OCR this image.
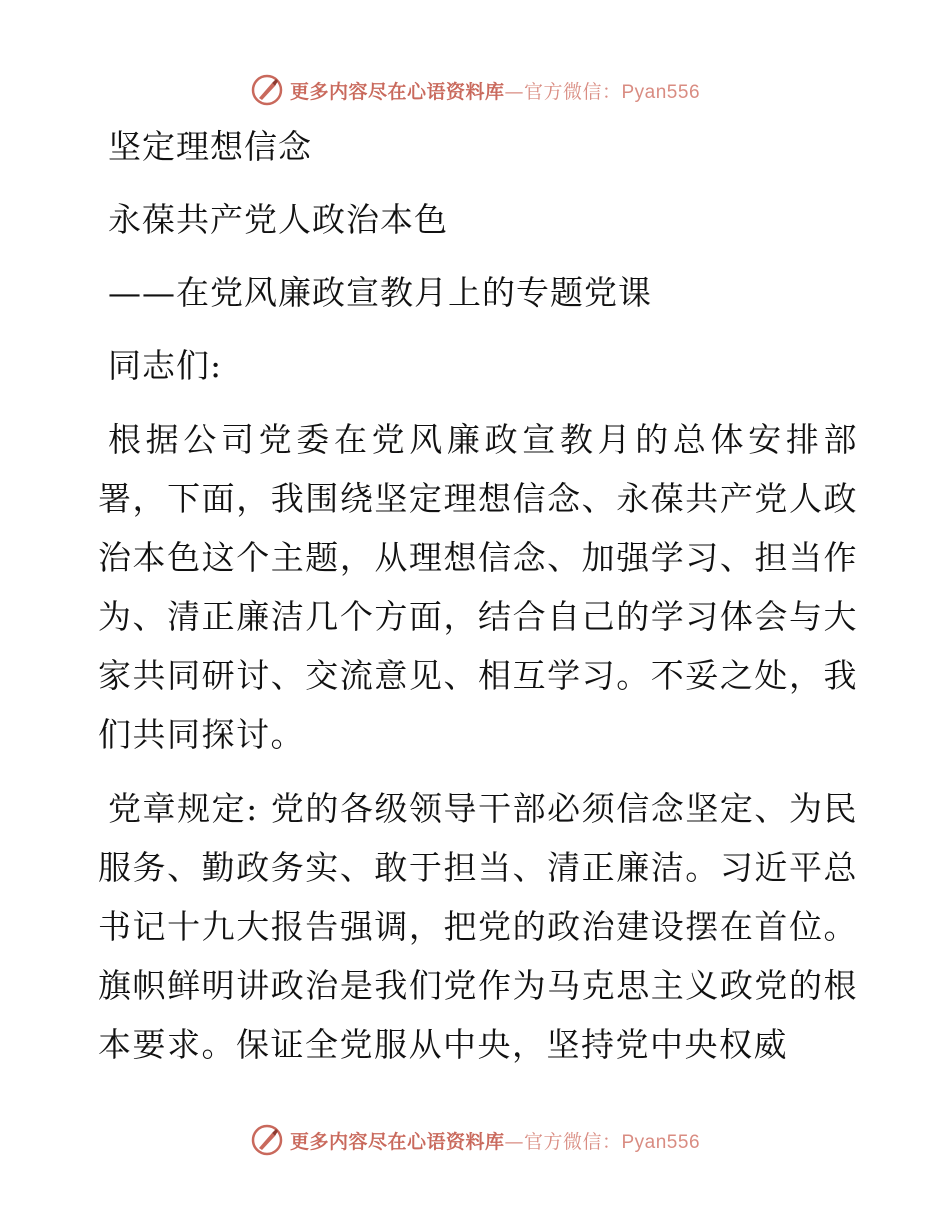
更多内容尽在心语资料库—官方微信：Pyan556
坚定理想信念
永葆共产党人政治本色
——在党风廉政宣教月上的专题党课
同志们:

根据公司党委在党风廉政宣教月的总体安排部署，下面，我围绕坚定理想信念、永葆共产党人政治本色这个主题，从理想信念、加强学习、担当作为、清正廉洁几个方面，结合自己的学习体会与大家共同研讨、交流意见、相互学习。不妥之处，我们共同探讨。

党章规定: 党的各级领导干部必须信念坚定、为民服务、勤政务实、敢于担当、清正廉洁。习近平总书记十九大报告强调，把党的政治建设摆在首位。旗帜鲜明讲政治是我们党作为马克思主义政党的根本要求。保证全党服从中央，坚持党中央权威

更多内容尽在心语资料库—官方微信：Pyan556
